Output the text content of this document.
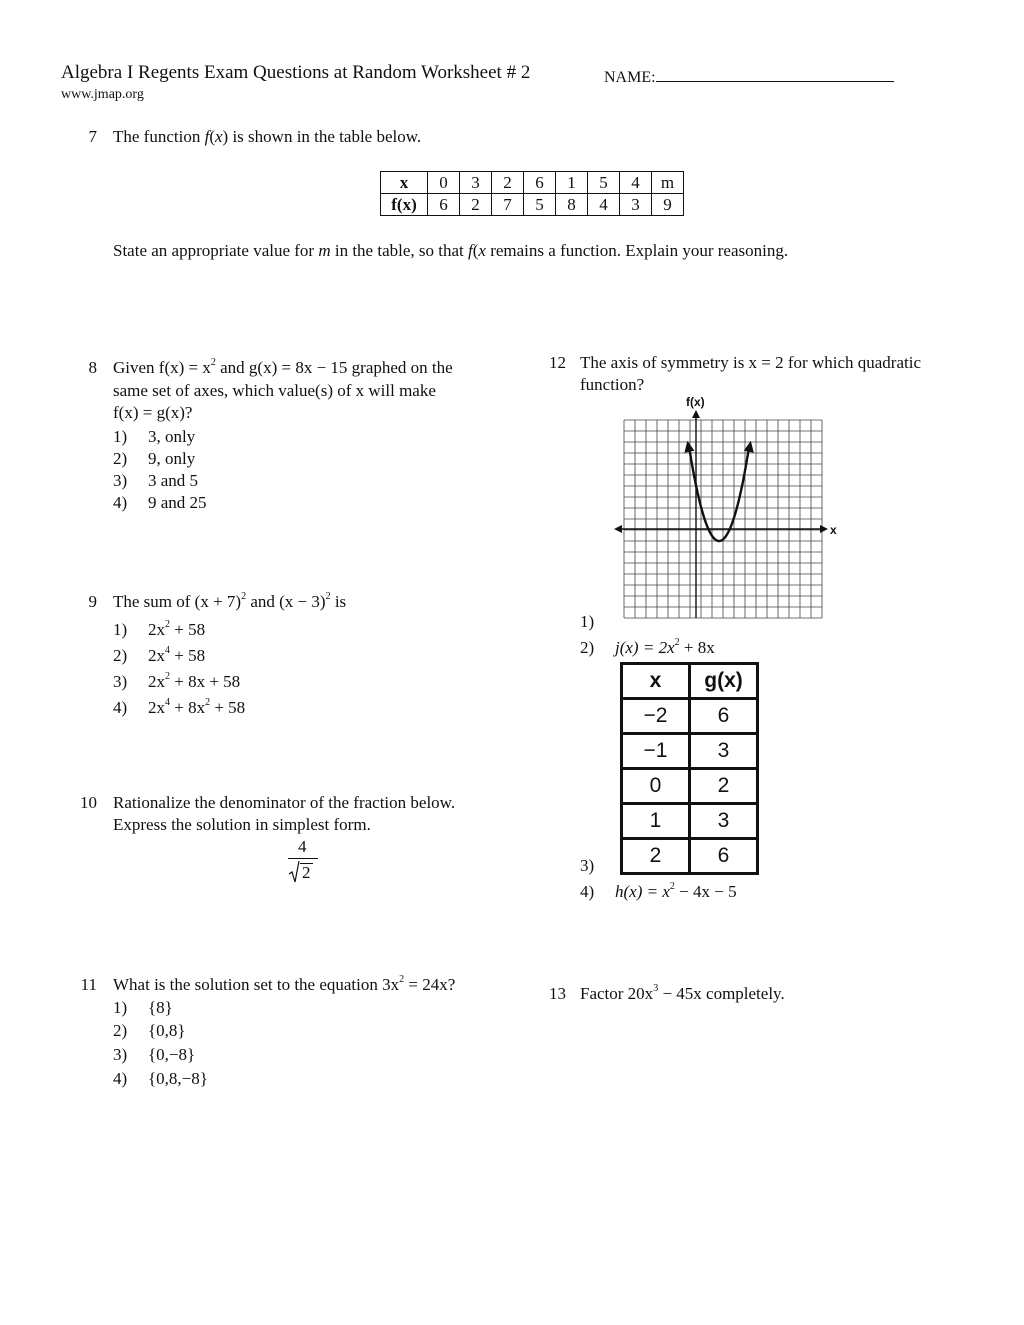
Algebra I Regents Exam Questions at Random Worksheet # 2	NAME:
www.jmap.org
7 The function f(x) is shown in the table below.
x	0	3	2	6	1	5	4	m
f(x)	6	2	7	5	8	4	3	9
State an appropriate value for m in the table, so that f(x remains a function. Explain your reasoning.
8 Given $f(x) = x^2$ and g(x) = 8x − 15 graphed on the
same set of axes, which value(s) of x will make
f(x) = g(x)?
1) 3, only
2) 9, only
3) 3 and 5
4) 9 and 25
9 The sum of $(x + 7)^2$ and $(x - 3)^2$ is
1) $2x^2 + 58$
2) $2x^4 + 58$
3) $2x^2 + 8x + 58$
4) $2x^4 + 8x^2 + 58$
10 Rationalize the denominator of the fraction below.
Express the solution in simplest form.
4
2
11 What is the solution set to the equation $3x^2 = 24x$?
1) {8}
2) {0,8}
3) {0,−8}
4) {0,8,−8}
12 The axis of symmetry is x = 2 for which quadratic
function?
f(x)
x
1)
2) $j(x) = 2x^2 + 8x$
x	g(x)
−2	6
−1	3
0	2
1	3
2	6
3)
4) $h(x) = x^2 - 4x - 5$
13 Factor $20x^3 - 45x$ completely.
